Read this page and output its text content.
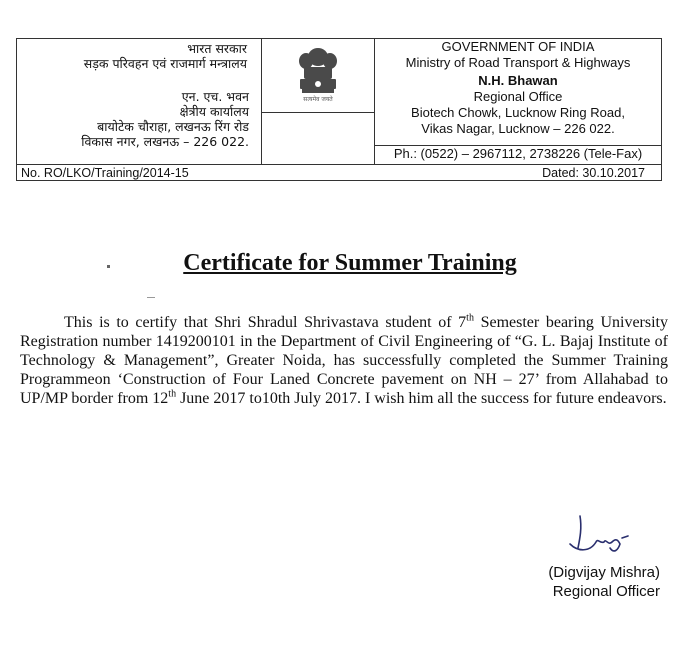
भारत सरकार
सड़क परिवहन एवं राजमार्ग मन्त्रालय
एन. एच. भवन
क्षेत्रीय कार्यालय
बायोटेक चौराहा, लखनऊ रिंग रोड
विकास नगर, लखनऊ – 226 022.
सत्यमेव जयते
GOVERNMENT OF INDIA
Ministry of Road Transport & Highways
N.H. Bhawan
Regional Office
Biotech Chowk, Lucknow Ring Road,
Vikas Nagar, Lucknow – 226 022.
Ph.: (0522) – 2967112, 2738226 (Tele-Fax)
No. RO/LKO/Training/2014-15	Dated: 30.10.2017
Certificate for Summer Training

This is to certify that Shri Shradul Shrivastava student of 7th Semester bearing University Registration number 1419200101 in the Department of Civil Engineering of “G. L. Bajaj Institute of Technology & Management”, Greater Noida, has successfully completed the Summer Training Programmeon ‘Construction of Four Laned Concrete pavement on NH – 27’ from Allahabad to UP/MP border from 12th June 2017 to10th July 2017. I wish him all the success for future endeavors.

(Digvijay Mishra)
Regional Officer
